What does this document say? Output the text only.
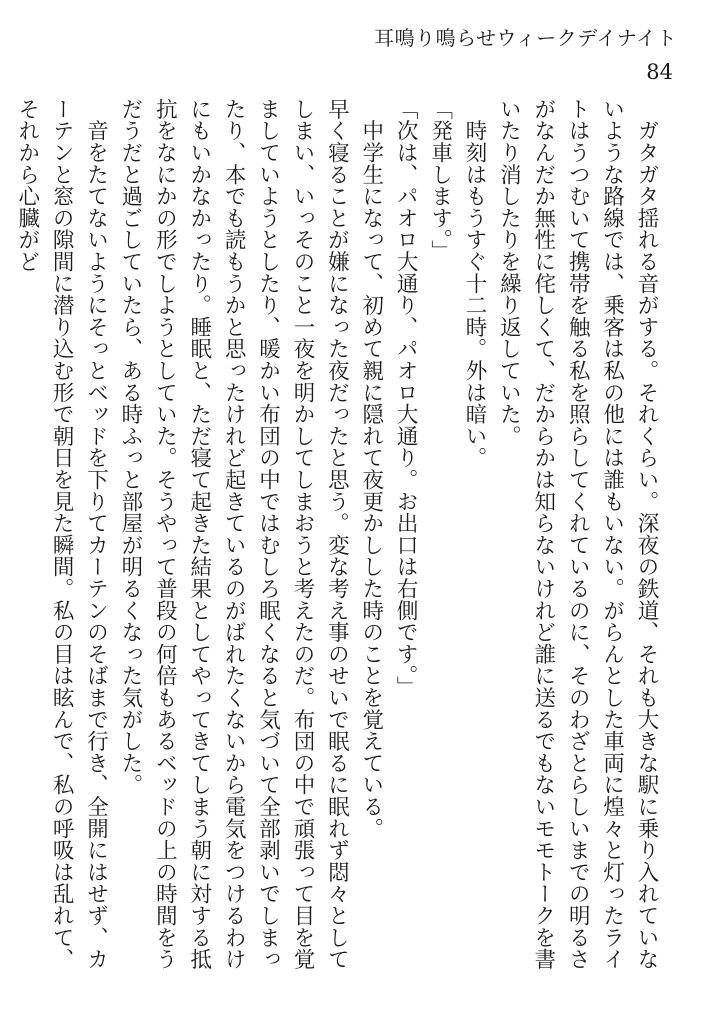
耳鳴り鳴らせウィークデイナイト
84

　ガタガタ揺れる音がする。それくらい。深夜の鉄道、それも大きな駅に乗り入れていないような路線では、乗客は私の他には誰もいない。がらんとした車両に煌々と灯ったライトはうつむいて携帯を触る私を照らしてくれているのに、そのわざとらしいまでの明るさがなんだか無性に侘しくて、だからかは知らないけれど誰に送るでもないモモトークを書いたり消したりを繰り返していた。

　時刻はもうすぐ十二時。外は暗い。

「発車します。」

「次は、パオロ大通り、パオロ大通り。お出口は右側です。」

　中学生になって、初めて親に隠れて夜更かしした時のことを覚えている。

早く寝ることが嫌になった夜だったと思う。変な考え事のせいで眠るに眠れず悶々としてしまい、いっそのこと一夜を明かしてしまおうと考えたのだ。布団の中で頑張って目を覚ましていようとしたり、暖かい布団の中ではむしろ眠くなると気づいて全部剥いでしまったり、本でも読もうかと思ったけれど起きているのがばれたくないから電気をつけるわけにもいかなかったり。睡眠と、ただ寝て起きた結果としてやってきてしまう朝に対する抵抗をなにかの形でしようとしていた。そうやって普段の何倍もあるベッドの上の時間をうだうだと過ごしていたら、ある時ふっと部屋が明るくなった気がした。

　音をたてないようにそっとベッドを下りてカーテンのそばまで行き、全開にはせず、カーテンと窓の隙間に潜り込む形で朝日を見た瞬間。私の目は眩んで、私の呼吸は乱れて、それから心臓がど
